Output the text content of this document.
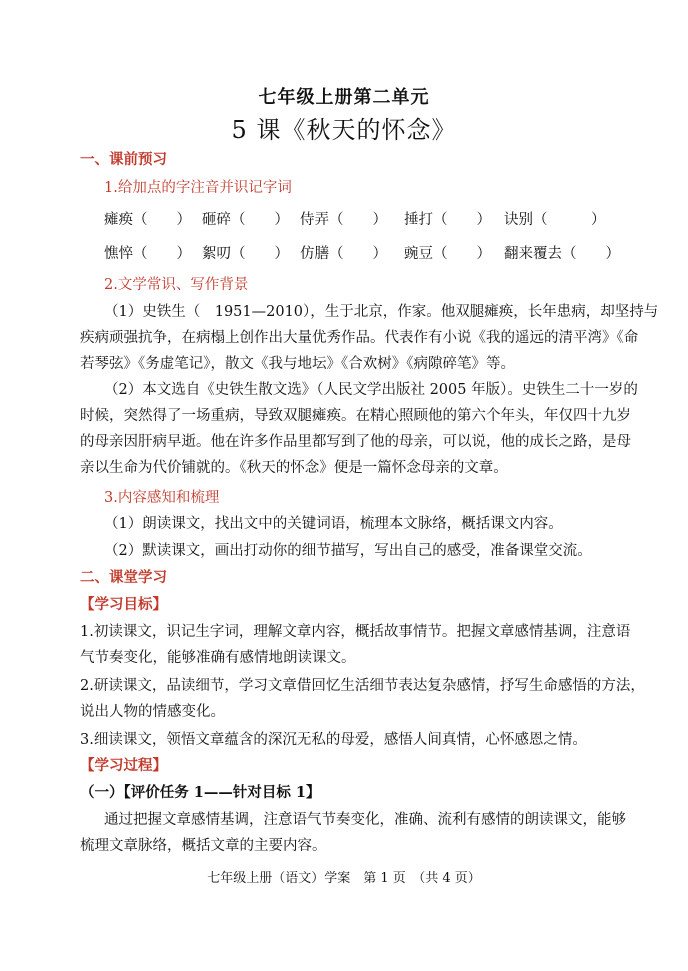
七年级上册第二单元
5 课《秋天的怀念》
一、课前预习
1.给加点的字注音并识记字词
瘫痪（　　） 砸碎（　　） 侍弄（　　） 捶打（　　） 诀别（　　　）
憔悴（　　） 絮叨（　　） 仿膳（　　） 豌豆（　　） 翻来覆去（　　）
2.文学常识、写作背景
（1）史铁生（　1951—2010），生于北京，作家。他双腿瘫痪，长年患病，却坚持与
疾病顽强抗争，在病榻上创作出大量优秀作品。代表作有小说《我的遥远的清平湾》《命
若琴弦》《务虚笔记》，散文《我与地坛》《合欢树》《病隙碎笔》等。
（2）本文选自《史铁生散文选》（人民文学出版社 2005 年版）。史铁生二十一岁的
时候，突然得了一场重病，导致双腿瘫痪。在精心照顾他的第六个年头，年仅四十九岁
的母亲因肝病早逝。他在许多作品里都写到了他的母亲，可以说，他的成长之路，是母
亲以生命为代价铺就的。《秋天的怀念》便是一篇怀念母亲的文章。
3.内容感知和梳理
（1）朗读课文，找出文中的关键词语，梳理本文脉络，概括课文内容。
（2）默读课文，画出打动你的细节描写，写出自己的感受，准备课堂交流。
二、课堂学习
【学习目标】
1.初读课文，识记生字词，理解文章内容，概括故事情节。把握文章感情基调，注意语
气节奏变化，能够准确有感情地朗读课文。
2.研读课文，品读细节，学习文章借回忆生活细节表达复杂感情，抒写生命感悟的方法，
说出人物的情感变化。
3.细读课文，领悟文章蕴含的深沉无私的母爱，感悟人间真情，心怀感恩之情。
【学习过程】
（一）【评价任务 1——针对目标 1】
通过把握文章感情基调，注意语气节奏变化，准确、流利有感情的朗读课文，能够
梳理文章脉络，概括文章的主要内容。
七年级上册（语文）学案　第 1 页　（共 4 页）
